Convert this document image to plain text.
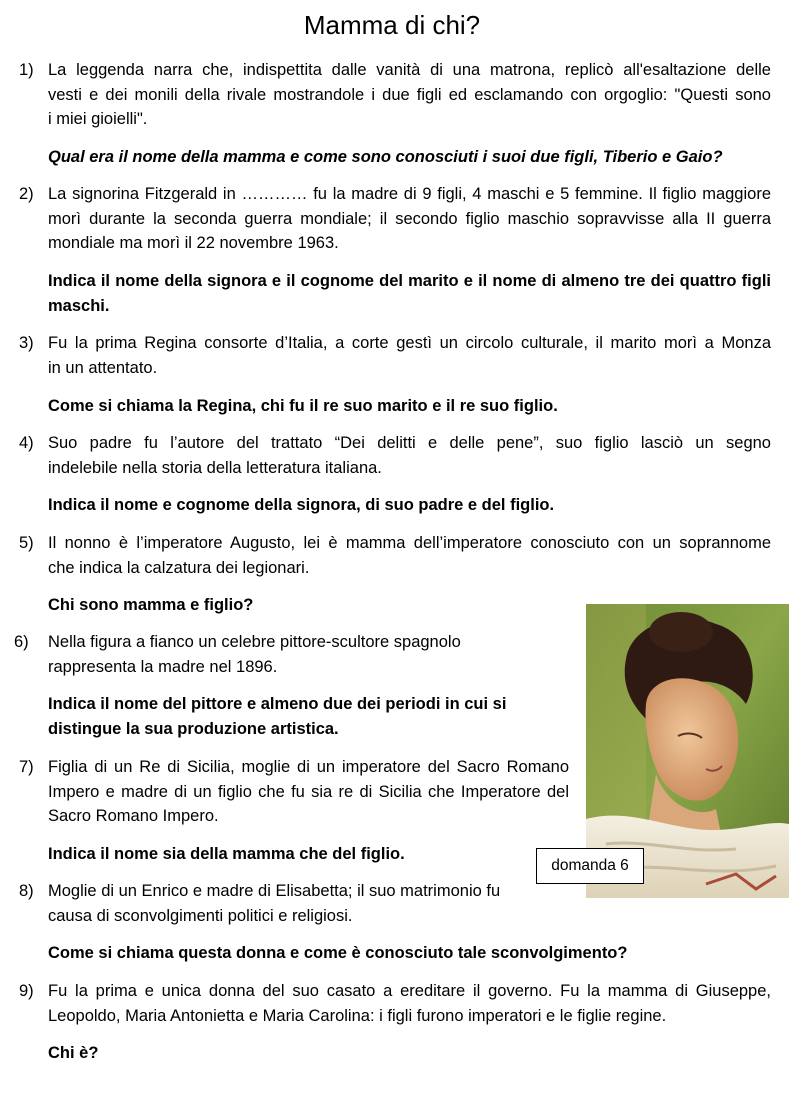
Mamma di chi?
1) La leggenda narra che, indispettita dalle vanità di una matrona, replicò all'esaltazione delle
vesti e dei monili della rivale mostrandole i due figli ed esclamando con orgoglio: "Questi sono
i miei gioielli".
Qual era il nome della mamma e come sono conosciuti i suoi due figli, Tiberio e Gaio?
2) La signorina Fitzgerald in ………… fu la madre di 9 figli, 4 maschi e 5 femmine. Il figlio maggiore
morì durante la seconda guerra mondiale; il secondo figlio maschio sopravvisse alla II guerra
mondiale ma morì il 22 novembre 1963.
Indica il nome della signora e il cognome del marito e il nome di almeno tre dei quattro figli
maschi.
3) Fu la prima Regina consorte d’Italia, a corte gestì un circolo culturale, il marito morì a Monza
in un attentato.
Come si chiama la Regina, chi fu il re suo marito e il re suo figlio.
4) Suo padre fu l’autore del trattato “Dei delitti e delle pene”, suo figlio lasciò un segno
indelebile nella storia della letteratura italiana.
Indica il nome e cognome della signora, di suo padre e del figlio.
5) Il nonno è l’imperatore Augusto, lei è mamma dell’imperatore conosciuto con un soprannome
che indica la calzatura dei legionari.
Chi sono mamma e figlio?
6)	Nella figura a fianco un celebre pittore-scultore spagnolo
rappresenta la madre nel 1896.
Indica il nome del pittore e almeno due dei periodi in cui si
distingue la sua produzione artistica.
7) Figlia di un Re di Sicilia, moglie di un imperatore del Sacro Romano
Impero e madre di un figlio che fu sia re di Sicilia che Imperatore del
Sacro Romano Impero.
Indica il nome sia della mamma che del figlio.
8) Moglie di un Enrico e madre di Elisabetta; il suo matrimonio fu
causa di sconvolgimenti politici e religiosi.
Come si chiama questa donna e come è conosciuto tale sconvolgimento?
9) Fu la prima e unica donna del suo casato a ereditare il governo. Fu la mamma di Giuseppe,
Leopoldo, Maria Antonietta e Maria Carolina: i figli furono imperatori e le figlie regine.
Chi è?
domanda 6
